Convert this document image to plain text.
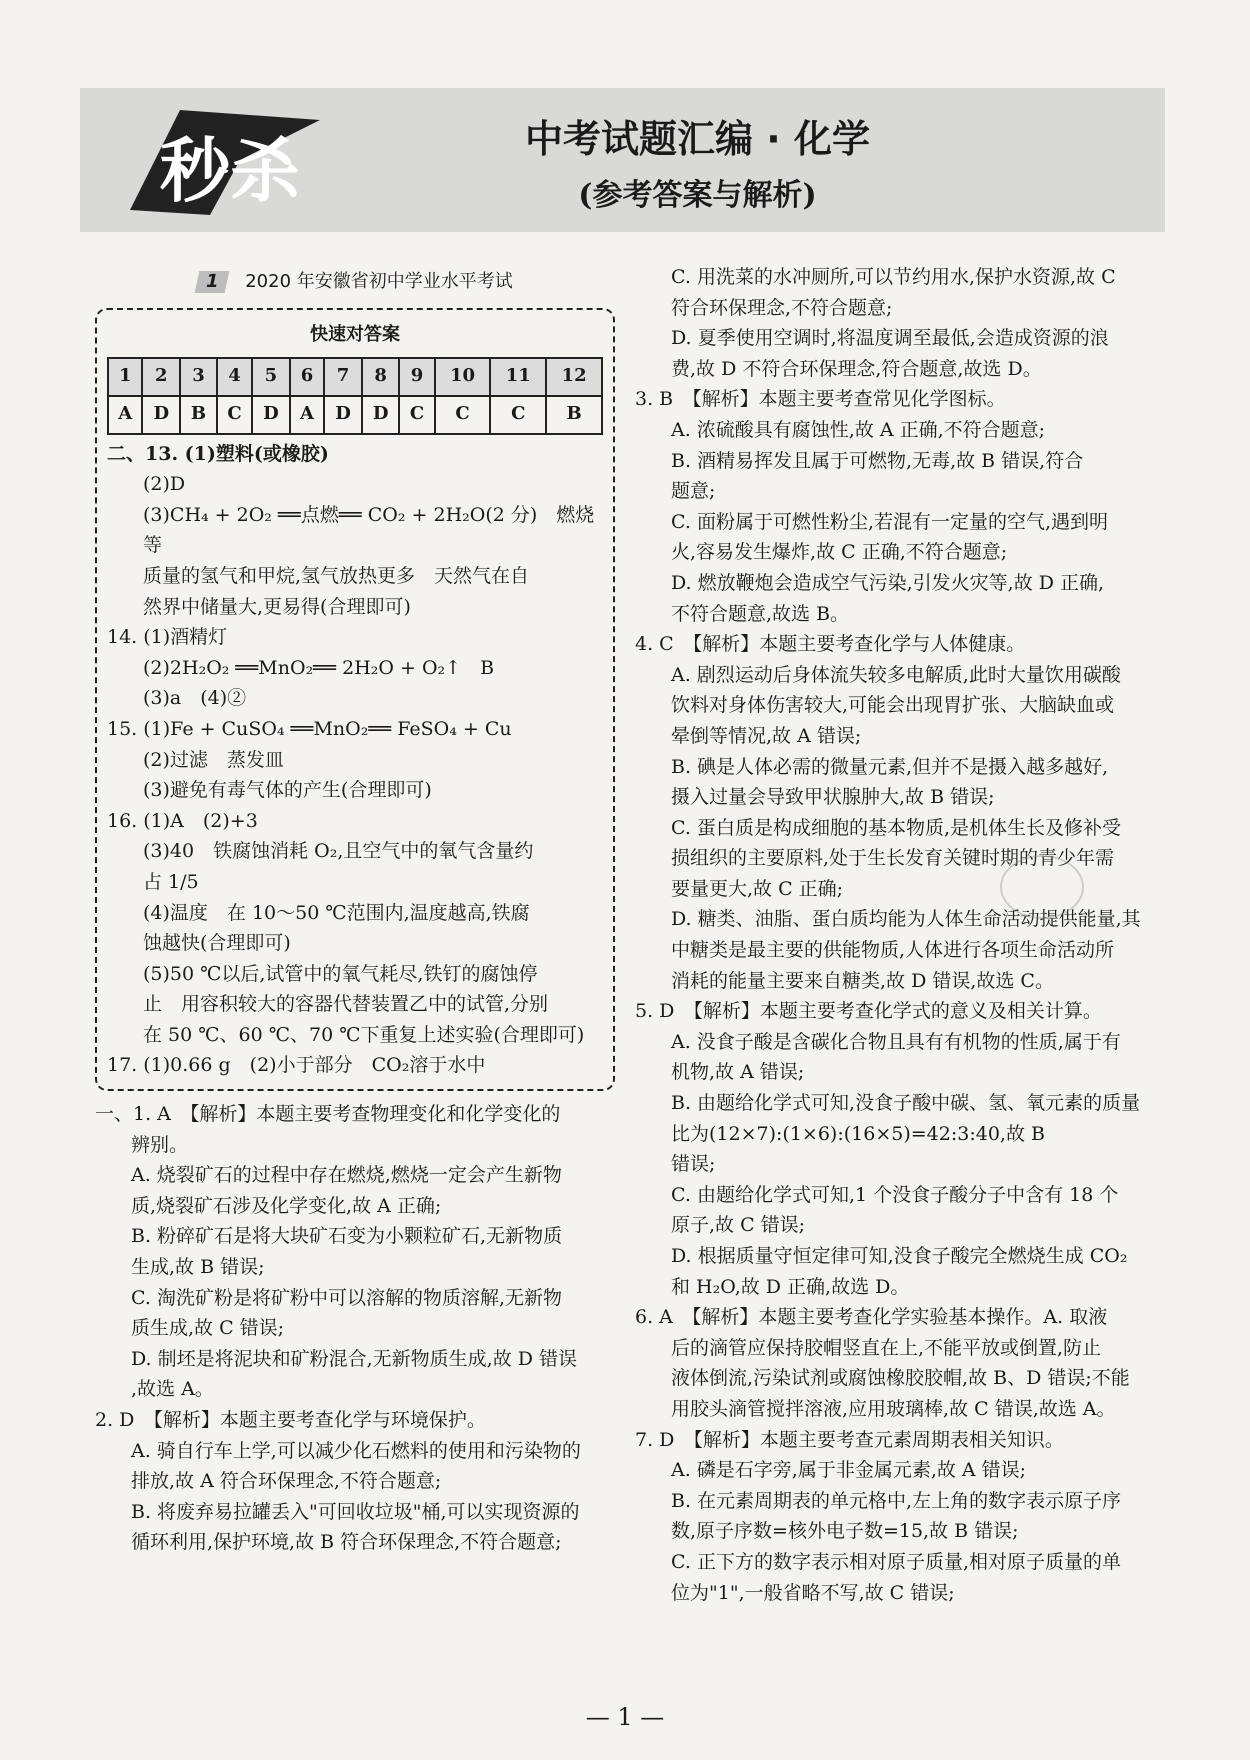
秒杀	中考试题汇编 · 化学
(参考答案与解析)
1	2020 年安徽省初中学业水平考试
快速对答案
1	2	3	4	5	6	7	8	9	10	11	12
A	D	B	C	D	A	D	D	C	C	C	B

二、13. (1)塑料(或橡胶)

(2)D

(3)CH₄ + 2O₂ ══点燃══ CO₂ + 2H₂O(2 分)　燃烧等

质量的氢气和甲烷,氢气放热更多　天然气在自

然界中储量大,更易得(合理即可)

14. (1)酒精灯

(2)2H₂O₂ ══MnO₂══ 2H₂O + O₂↑　B

(3)a　(4)②

15. (1)Fe + CuSO₄ ══MnO₂══ FeSO₄ + Cu

(2)过滤　蒸发皿

(3)避免有毒气体的产生(合理即可)

16. (1)A　(2)+3

(3)40　铁腐蚀消耗 O₂,且空气中的氧气含量约

占 1/5

(4)温度　在 10～50 ℃范围内,温度越高,铁腐

蚀越快(合理即可)

(5)50 ℃以后,试管中的氧气耗尽,铁钉的腐蚀停

止　用容积较大的容器代替装置乙中的试管,分别

在 50 ℃、60 ℃、70 ℃下重复上述实验(合理即可)

17. (1)0.66 g　(2)小于部分　CO₂溶于水中

一、1. A　【解析】本题主要考查物理变化和化学变化的

辨别。

A. 烧裂矿石的过程中存在燃烧,燃烧一定会产生新物

质,烧裂矿石涉及化学变化,故 A 正确;

B. 粉碎矿石是将大块矿石变为小颗粒矿石,无新物质

生成,故 B 错误;

C. 淘洗矿粉是将矿粉中可以溶解的物质溶解,无新物

质生成,故 C 错误;

D. 制坯是将泥块和矿粉混合,无新物质生成,故 D 错误

,故选 A。

2. D　【解析】本题主要考查化学与环境保护。

A. 骑自行车上学,可以减少化石燃料的使用和污染物的

排放,故 A 符合环保理念,不符合题意;

B. 将废弃易拉罐丢入"可回收垃圾"桶,可以实现资源的

循环利用,保护环境,故 B 符合环保理念,不符合题意;

C. 用洗菜的水冲厕所,可以节约用水,保护水资源,故 C

符合环保理念,不符合题意;

D. 夏季使用空调时,将温度调至最低,会造成资源的浪

费,故 D 不符合环保理念,符合题意,故选 D。

3. B　【解析】本题主要考查常见化学图标。

A. 浓硫酸具有腐蚀性,故 A 正确,不符合题意;

B. 酒精易挥发且属于可燃物,无毒,故 B 错误,符合

题意;

C. 面粉属于可燃性粉尘,若混有一定量的空气,遇到明

火,容易发生爆炸,故 C 正确,不符合题意;

D. 燃放鞭炮会造成空气污染,引发火灾等,故 D 正确,

不符合题意,故选 B。

4. C　【解析】本题主要考查化学与人体健康。

A. 剧烈运动后身体流失较多电解质,此时大量饮用碳酸

饮料对身体伤害较大,可能会出现胃扩张、大脑缺血或

晕倒等情况,故 A 错误;

B. 碘是人体必需的微量元素,但并不是摄入越多越好,

摄入过量会导致甲状腺肿大,故 B 错误;

C. 蛋白质是构成细胞的基本物质,是机体生长及修补受

损组织的主要原料,处于生长发育关键时期的青少年需

要量更大,故 C 正确;

D. 糖类、油脂、蛋白质均能为人体生命活动提供能量,其

中糖类是最主要的供能物质,人体进行各项生命活动所

消耗的能量主要来自糖类,故 D 错误,故选 C。

5. D　【解析】本题主要考查化学式的意义及相关计算。

A. 没食子酸是含碳化合物且具有有机物的性质,属于有

机物,故 A 错误;

B. 由题给化学式可知,没食子酸中碳、氢、氧元素的质量

比为(12×7):(1×6):(16×5)=42:3:40,故 B

错误;

C. 由题给化学式可知,1 个没食子酸分子中含有 18 个

原子,故 C 错误;

D. 根据质量守恒定律可知,没食子酸完全燃烧生成 CO₂

和 H₂O,故 D 正确,故选 D。

6. A　【解析】本题主要考查化学实验基本操作。A. 取液

后的滴管应保持胶帽竖直在上,不能平放或倒置,防止

液体倒流,污染试剂或腐蚀橡胶胶帽,故 B、D 错误;不能

用胶头滴管搅拌溶液,应用玻璃棒,故 C 错误,故选 A。

7. D　【解析】本题主要考查元素周期表相关知识。

A. 磷是石字旁,属于非金属元素,故 A 错误;

B. 在元素周期表的单元格中,左上角的数字表示原子序

数,原子序数=核外电子数=15,故 B 错误;

C. 正下方的数字表示相对原子质量,相对原子质量的单

位为"1",一般省略不写,故 C 错误;

— 1 —
